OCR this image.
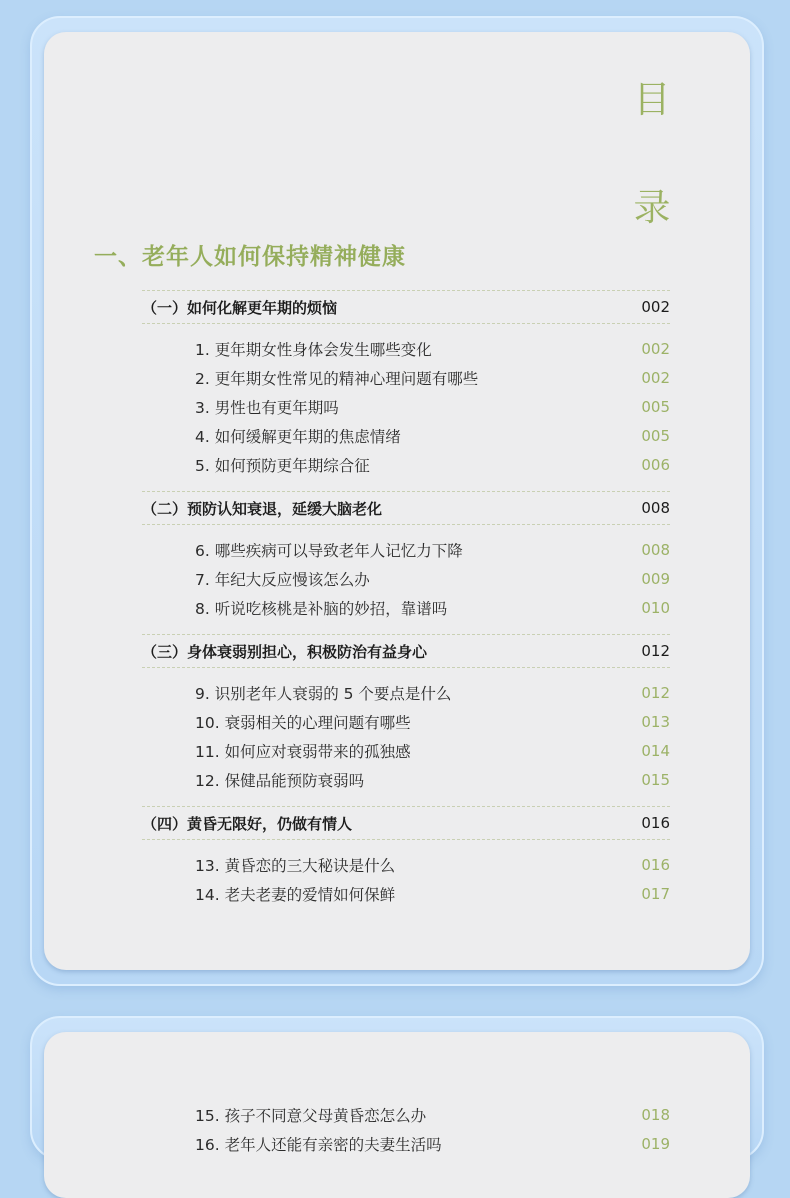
目
录
一、老年人如何保持精神健康
（一）如何化解更年期的烦恼	002
1. 更年期女性身体会发生哪些变化	002
2. 更年期女性常见的精神心理问题有哪些	002
3. 男性也有更年期吗	005
4. 如何缓解更年期的焦虑情绪	005
5. 如何预防更年期综合征	006
（二）预防认知衰退，延缓大脑老化	008
6. 哪些疾病可以导致老年人记忆力下降	008
7. 年纪大反应慢该怎么办	009
8. 听说吃核桃是补脑的妙招，靠谱吗	010
（三）身体衰弱别担心，积极防治有益身心	012
9. 识别老年人衰弱的 5 个要点是什么	012
10. 衰弱相关的心理问题有哪些	013
11. 如何应对衰弱带来的孤独感	014
12. 保健品能预防衰弱吗	015
（四）黄昏无限好，仍做有情人	016
13. 黄昏恋的三大秘诀是什么	016
14. 老夫老妻的爱情如何保鲜	017
15. 孩子不同意父母黄昏恋怎么办	018
16. 老年人还能有亲密的夫妻生活吗	019
